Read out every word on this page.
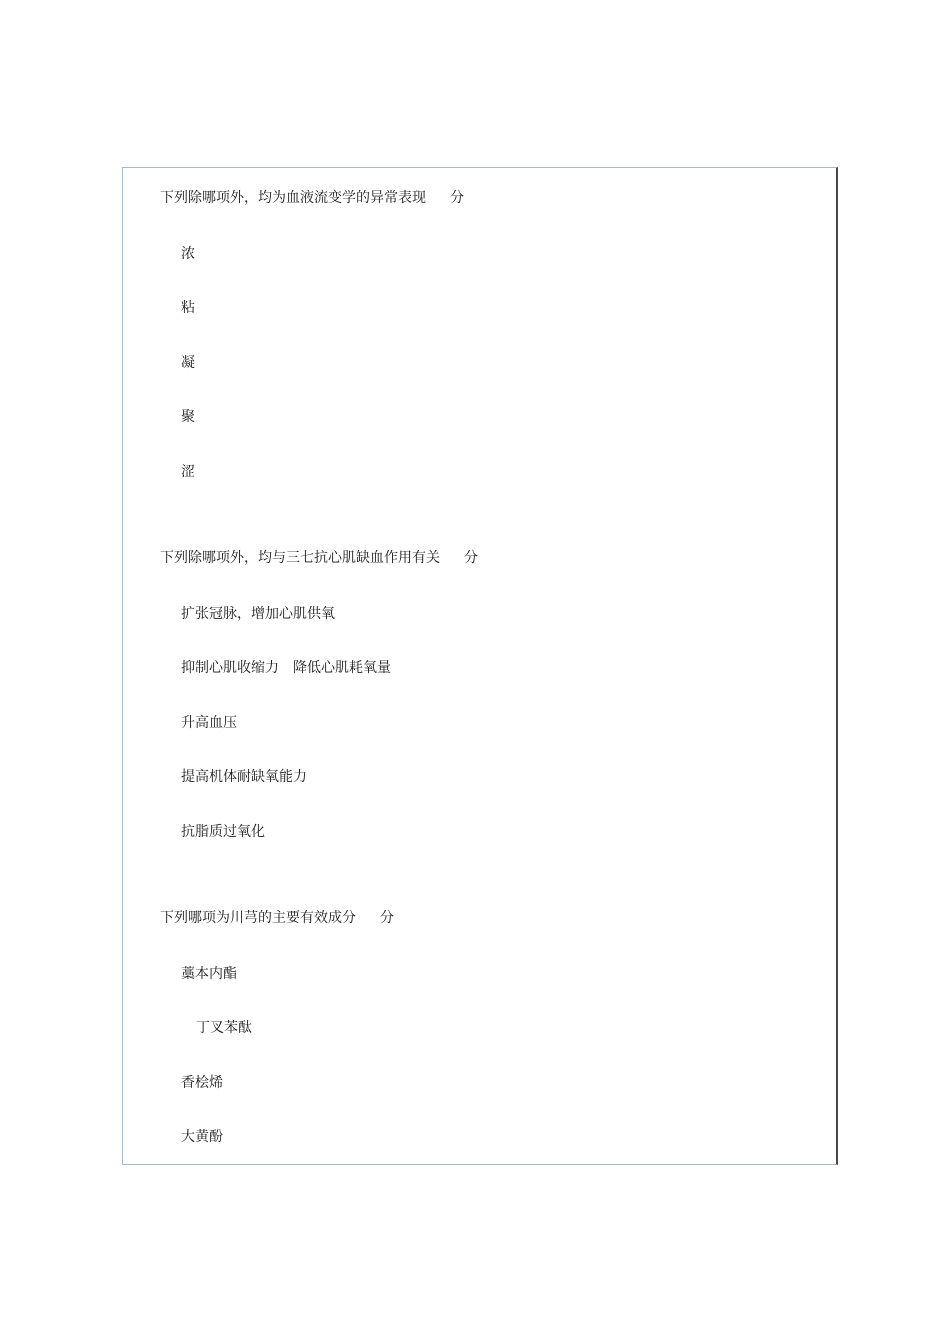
下列除哪项外，均为血液流变学的异常表现 分
浓
粘
凝
聚
涩
下列除哪项外，均与三七抗心肌缺血作用有关 分
扩张冠脉，增加心肌供氧
抑制心肌收缩力　降低心肌耗氧量
升高血压
提高机体耐缺氧能力
抗脂质过氧化
下列哪项为川芎的主要有效成分 分
藁本内酯
丁叉苯酞
香桧烯
大黄酚
